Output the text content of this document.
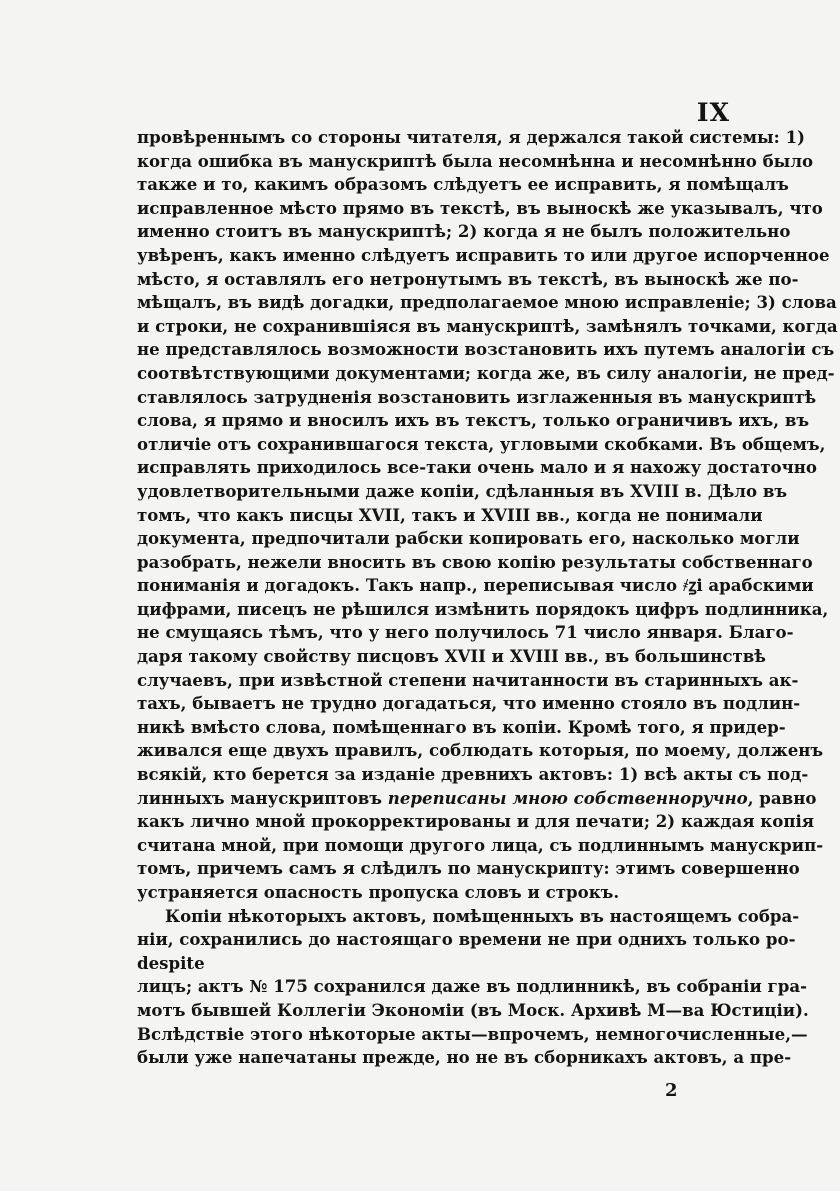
IX
провѣреннымъ со стороны читателя, я держался такой системы: 1)
когда ошибка въ манускриптѣ была несомнѣнна и несомнѣнно было
также и то, какимъ образомъ слѣдуетъ ее исправить, я помѣщалъ
исправленное мѣсто прямо въ текстѣ, въ выноскѣ же указывалъ, что
именно стоитъ въ манускриптѣ; 2) когда я не былъ положительно
увѣренъ, какъ именно слѣдуетъ исправить то или другое испорченное
мѣсто, я оставлялъ его нетронутымъ въ текстѣ, въ выноскѣ же по-
мѣщалъ, въ видѣ догадки, предполагаемое мною исправленіе; 3) слова
и строки, не сохранившіяся въ манускриптѣ, замѣнялъ точками, когда
не представлялось возможности возстановить ихъ путемъ аналогіи съ
соотвѣтствующими документами; когда же, въ силу аналогіи, не пред-
ставлялось затрудненія возстановить изглаженныя въ манускриптѣ
слова, я прямо и вносилъ ихъ въ текстъ, только ограничивъ ихъ, въ
отличіе отъ сохранившагося текста, угловыми скобками. Въ общемъ,
исправлять приходилось все-таки очень мало и я нахожу достаточно
удовлетворительными даже копіи, сдѣланныя въ XVIII в. Дѣло въ
томъ, что какъ писцы XVII, такъ и XVIII вв., когда не понимали
документа, предпочитали рабски копировать его, насколько могли
разобрать, нежели вносить въ свою копію результаты собственнаго
пониманія и догадокъ. Такъ напр., переписывая число ҂ꙁі арабскими
цифрами, писецъ не рѣшился измѣнить порядокъ цифръ подлинника,
не смущаясь тѣмъ, что у него получилось 71 число января. Благо-
даря такому свойству писцовъ XVII и XVIII вв., въ большинствѣ
случаевъ, при извѣстной степени начитанности въ старинныхъ ак-
тахъ, бываетъ не трудно догадаться, что именно стояло въ подлин-
никѣ вмѣсто слова, помѣщеннаго въ копіи. Кромѣ того, я придер-
живался еще двухъ правилъ, соблюдать которыя, по моему, долженъ
всякій, кто берется за изданіе древнихъ актовъ: 1) всѣ акты съ под-
линныхъ манускриптовъ переписаны мною собственноручно, равно
какъ лично мной прокорректированы и для печати; 2) каждая копія
считана мной, при помощи другого лица, съ подлиннымъ манускрип-
томъ, причемъ самъ я слѣдилъ по манускрипту: этимъ совершенно
устраняется опасность пропуска словъ и строкъ.
Копіи нѣкоторыхъ актовъ, помѣщенныхъ въ настоящемъ собра-
ніи, сохранились до настоящаго времени не при однихъ только ро-
despite
лицъ; актъ № 175 сохранился даже въ подлинникѣ, въ собраніи гра-
мотъ бывшей Коллегіи Экономіи (въ Моск. Архивѣ М—ва Юстиціи).
Вслѣдствіе этого нѣкоторые акты—впрочемъ, немногочисленные,—
были уже напечатаны прежде, но не въ сборникахъ актовъ, а пре-
2
